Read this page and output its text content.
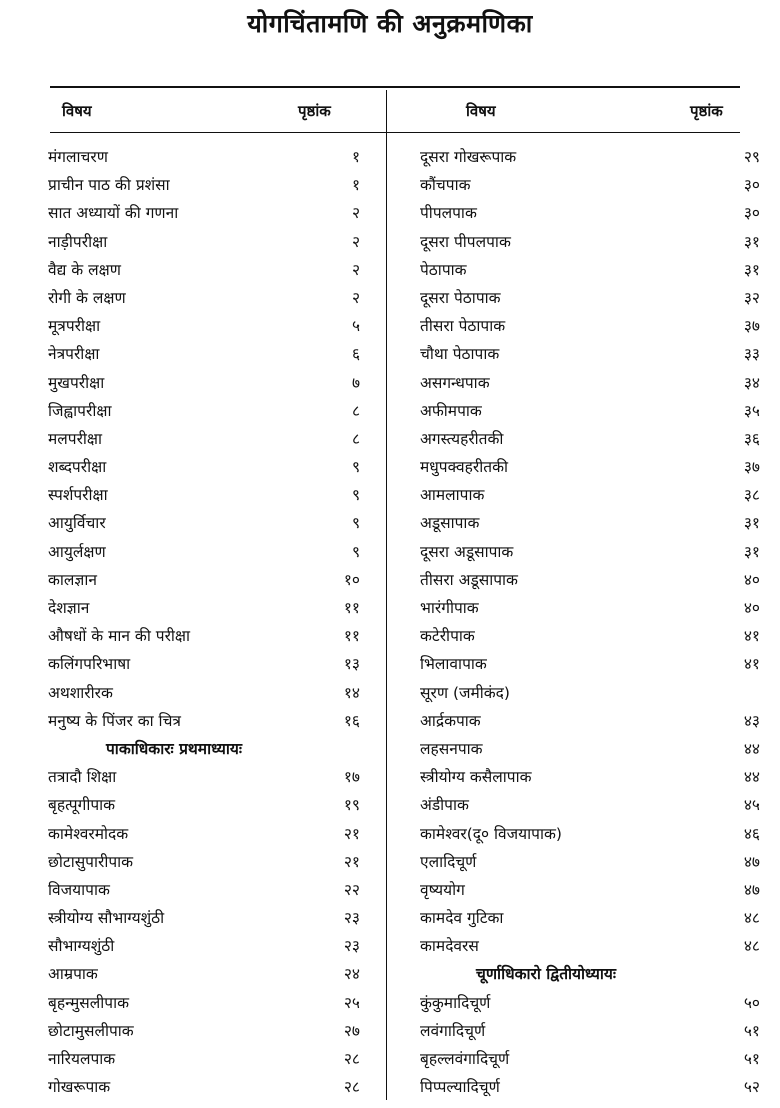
योगचिंतामणि की अनुक्रमणिका
विषय	पृष्ठांक	विषय	पृष्ठांक
मंगलाचरण	१
प्राचीन पाठ की प्रशंसा	१
सात अध्यायों की गणना	२
नाड़ीपरीक्षा	२
वैद्य के लक्षण	२
रोगी के लक्षण	२
मूत्रपरीक्षा	५
नेत्रपरीक्षा	६
मुखपरीक्षा	७
जिह्वापरीक्षा	८
मलपरीक्षा	८
शब्दपरीक्षा	९
स्पर्शपरीक्षा	९
आयुर्विचार	९
आयुर्लक्षण	९
कालज्ञान	१०
देशज्ञान	११
औषधों के मान की परीक्षा	११
कलिंगपरिभाषा	१३
अथशारीरक	१४
मनुष्य के पिंजर का चित्र	१६
पाकाधिकारः प्रथमाध्यायः
तत्रादौ शिक्षा	१७
बृहत्पूगीपाक	१९
कामेश्वरमोदक	२१
छोटासुपारीपाक	२१
विजयापाक	२२
स्त्रीयोग्य सौभाग्यशुंठी	२३
सौभाग्यशुंठी	२३
आम्रपाक	२४
बृहन्मुसलीपाक	२५
छोटामुसलीपाक	२७
नारियलपाक	२८
गोखरूपाक	२८
दूसरा गोखरूपाक	२९
कौंचपाक	३०
पीपलपाक	३०
दूसरा पीपलपाक	३१
पेठापाक	३१
दूसरा पेठापाक	३२
तीसरा पेठापाक	३७
चौथा पेठापाक	३३
असगन्धपाक	३४
अफीमपाक	३५
अगस्त्यहरीतकी	३६
मधुपक्वहरीतकी	३७
आमलापाक	३८
अडूसापाक	३१
दूसरा अडूसापाक	३१
तीसरा अडूसापाक	४०
भारंगीपाक	४०
कटेरीपाक	४१
भिलावापाक	४१
सूरण (जमीकंद)
आर्द्रकपाक	४३
लहसनपाक	४४
स्त्रीयोग्य कसैलापाक	४४
अंडीपाक	४५
कामेश्वर(दू० विजयापाक)	४६
एलादिचूर्ण	४७
वृष्ययोग	४७
कामदेव गुटिका	४८
कामदेवरस	४८
चूर्णाधिकारो द्वितीयोध्यायः
कुंकुमादिचूर्ण	५०
लवंगादिचूर्ण	५१
बृहल्लवंगादिचूर्ण	५१
पिप्पल्यादिचूर्ण	५२
